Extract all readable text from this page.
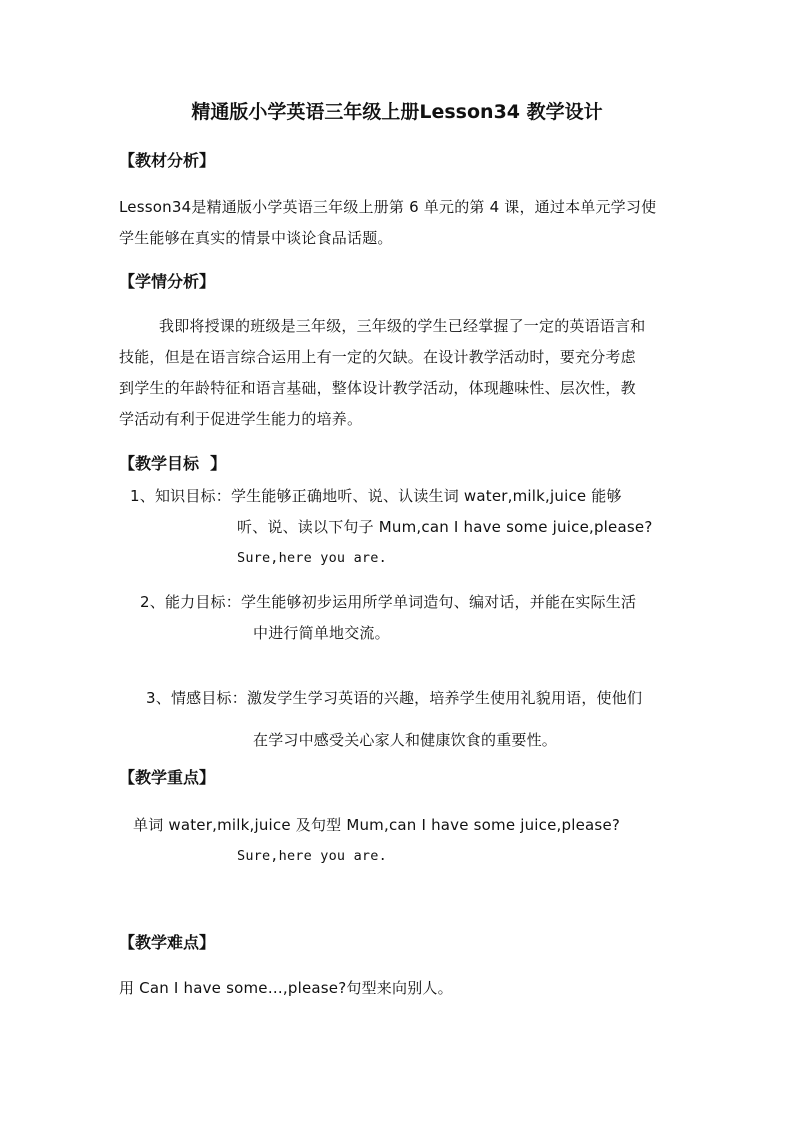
精通版小学英语三年级上册Lesson34 教学设计
【教材分析】
Lesson34是精通版小学英语三年级上册第 6 单元的第 4 课，通过本单元学习使
学生能够在真实的情景中谈论食品话题。
【学情分析】
我即将授课的班级是三年级，三年级的学生已经掌握了一定的英语语言和
技能，但是在语言综合运用上有一定的欠缺。在设计教学活动时，要充分考虑
到学生的年龄特征和语言基础，整体设计教学活动，体现趣味性、层次性，教
学活动有利于促进学生能力的培养。
【教学目标  】
1、知识目标：学生能够正确地听、说、认读生词 water,milk,juice 能够
听、说、读以下句子 Mum,can I have some juice,please?
Sure,here you are.
2、能力目标：学生能够初步运用所学单词造句、编对话，并能在实际生活
中进行简单地交流。
3、情感目标：激发学生学习英语的兴趣，培养学生使用礼貌用语，使他们
在学习中感受关心家人和健康饮食的重要性。
【教学重点】
单词 water,milk,juice 及句型 Mum,can I have some juice,please?
Sure,here you are.
【教学难点】
用 Can I have some…,please?句型来向别人。
